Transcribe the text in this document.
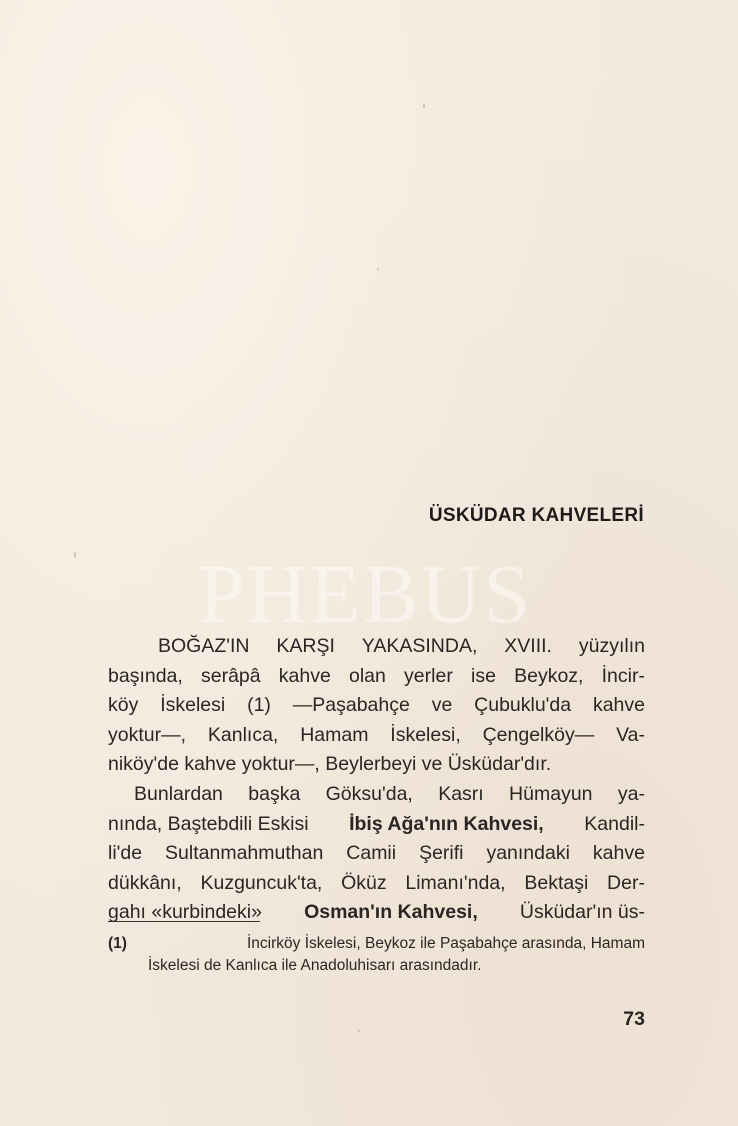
PHEBUS
ÜSKÜDAR KAHVELERİ
BOĞAZ'IN KARŞI YAKASINDA, XVIII. yüzyılın
başında, serâpâ kahve olan yerler ise Beykoz, İncir-
köy İskelesi (1) —Paşabahçe ve Çubuklu'da kahve
yoktur—, Kanlıca, Hamam İskelesi, Çengelköy— Va-
niköy'de kahve yoktur—, Beylerbeyi ve Üsküdar'dır.
Bunlardan başka Göksu'da, Kasrı Hümayun ya-
nında, Baştebdili Eskisi İbiş Ağa'nın Kahvesi, Kandil-
li'de Sultanmahmuthan Camii Şerifi yanındaki kahve
dükkânı, Kuzguncuk'ta, Öküz Limanı'nda, Bektaşi Der-
gahı «kurbindeki» Osman'ın Kahvesi, Üsküdar'ın üs-
(1)	İncirköy İskelesi, Beykoz ile Paşabahçe arasında, Hamam
İskelesi de Kanlıca ile Anadoluhisarı arasındadır.
73
